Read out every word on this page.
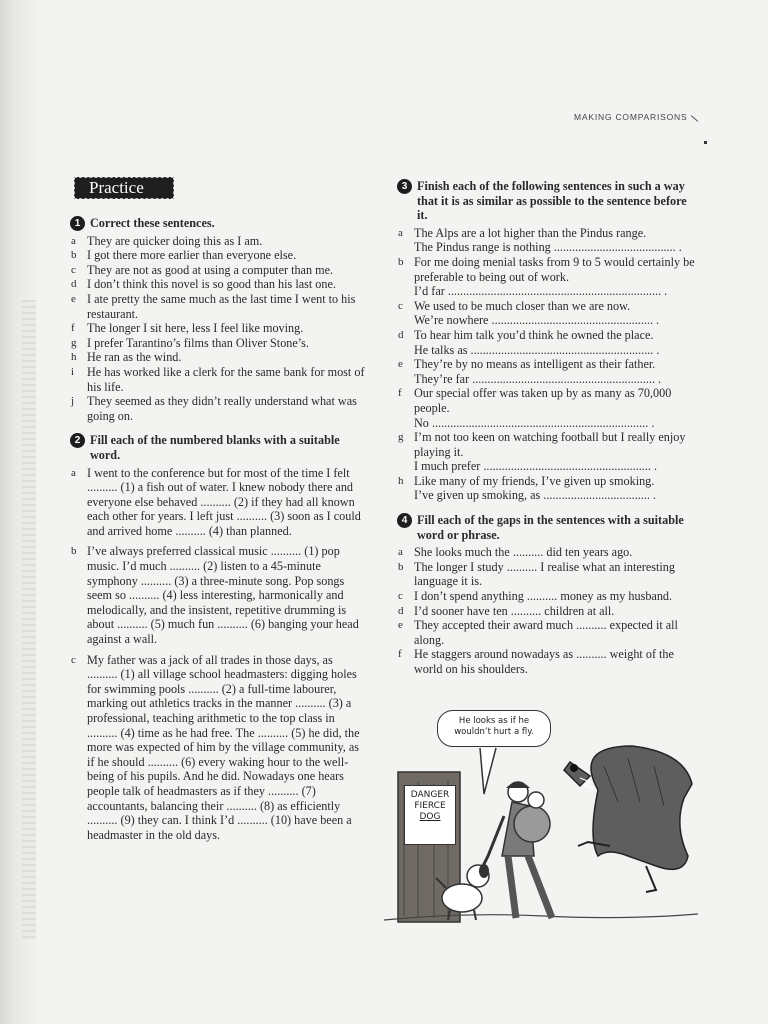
MAKING COMPARISONS
Practice
1 Correct these sentences.
a They are quicker doing this as I am.
b I got there more earlier than everyone else.
c They are not as good at using a computer than me.
d I don’t think this novel is so good than his last one.
e I ate pretty the same much as the last time I went to his restaurant.
f The longer I sit here, less I feel like moving.
g I prefer Tarantino’s films than Oliver Stone’s.
h He ran as the wind.
i He has worked like a clerk for the same bank for most of his life.
j They seemed as they didn’t really understand what was going on.
2 Fill each of the numbered blanks with a suitable word.
a I went to the conference but for most of the time I felt .......... (1) a fish out of water. I knew nobody there and everyone else behaved .......... (2) if they had all known each other for years. I left just .......... (3) soon as I could and arrived home .......... (4) than planned.
b I’ve always preferred classical music .......... (1) pop music. I’d much .......... (2) listen to a 45-minute symphony .......... (3) a three-minute song. Pop songs seem so .......... (4) less interesting, harmonically and melodically, and the insistent, repetitive drumming is about .......... (5) much fun .......... (6) banging your head against a wall.
c My father was a jack of all trades in those days, as .......... (1) all village school headmasters: digging holes for swimming pools .......... (2) a full-time labourer, marking out athletics tracks in the manner .......... (3) a professional, teaching arithmetic to the top class in .......... (4) time as he had free. The .......... (5) he did, the more was expected of him by the village community, as if he should .......... (6) every waking hour to the well-being of his pupils. And he did. Nowadays one hears people talk of headmasters as if they .......... (7) accountants, balancing their .......... (8) as efficiently .......... (9) they can. I think I’d .......... (10) have been a headmaster in the old days.
3 Finish each of the following sentences in such a way that it is as similar as possible to the sentence before it.
a The Alps are a lot higher than the Pindus range.
The Pindus range is nothing ........................................ .
b For me doing menial tasks from 9 to 5 would certainly be preferable to being out of work.
I’d far ...................................................................... .
c We used to be much closer than we are now.
We’re nowhere ..................................................... .
d To hear him talk you’d think he owned the place.
He talks as ............................................................ .
e They’re by no means as intelligent as their father.
They’re far ............................................................ .
f Our special offer was taken up by as many as 70,000 people.
No ....................................................................... .
g I’m not too keen on watching football but I really enjoy playing it.
I much prefer ....................................................... .
h Like many of my friends, I’ve given up smoking.
I’ve given up smoking, as ................................... .
4 Fill each of the gaps in the sentences with a suitable word or phrase.
a She looks much the .......... did ten years ago.
b The longer I study .......... I realise what an interesting language it is.
c I don’t spend anything .......... money as my husband.
d I’d sooner have ten .......... children at all.
e They accepted their award much .......... expected it all along.
f He staggers around nowadays as .......... weight of the world on his shoulders.
He looks as if he
wouldn’t hurt a fly.
DANGER
FIERCE
DOG
